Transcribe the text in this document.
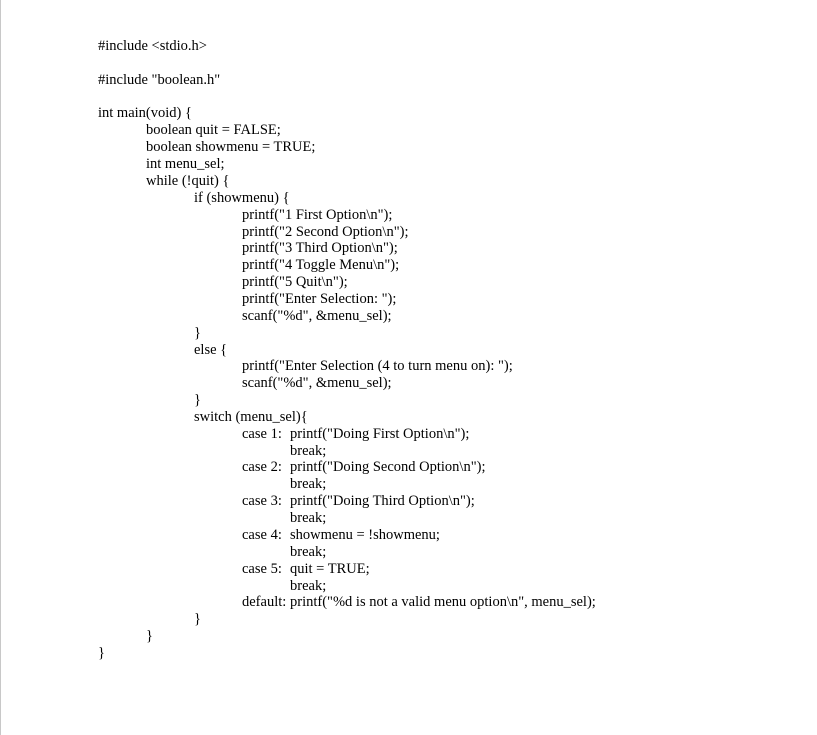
#include <stdio.h>
#include "boolean.h"
int main(void) {
boolean quit = FALSE;
boolean showmenu = TRUE;
int menu_sel;
while (!quit) {
if (showmenu) {
printf("1 First Option\n");
printf("2 Second Option\n");
printf("3 Third Option\n");
printf("4 Toggle Menu\n");
printf("5 Quit\n");
printf("Enter Selection: ");
scanf("%d", &menu_sel);
}
else {
printf("Enter Selection (4 to turn menu on): ");
scanf("%d", &menu_sel);
}
switch (menu_sel){
case 1: printf("Doing First Option\n");
break;
case 2: printf("Doing Second Option\n");
break;
case 3: printf("Doing Third Option\n");
break;
case 4: showmenu = !showmenu;
break;
case 5: quit = TRUE;
break;
default: printf("%d is not a valid menu option\n", menu_sel);
}
}
}
